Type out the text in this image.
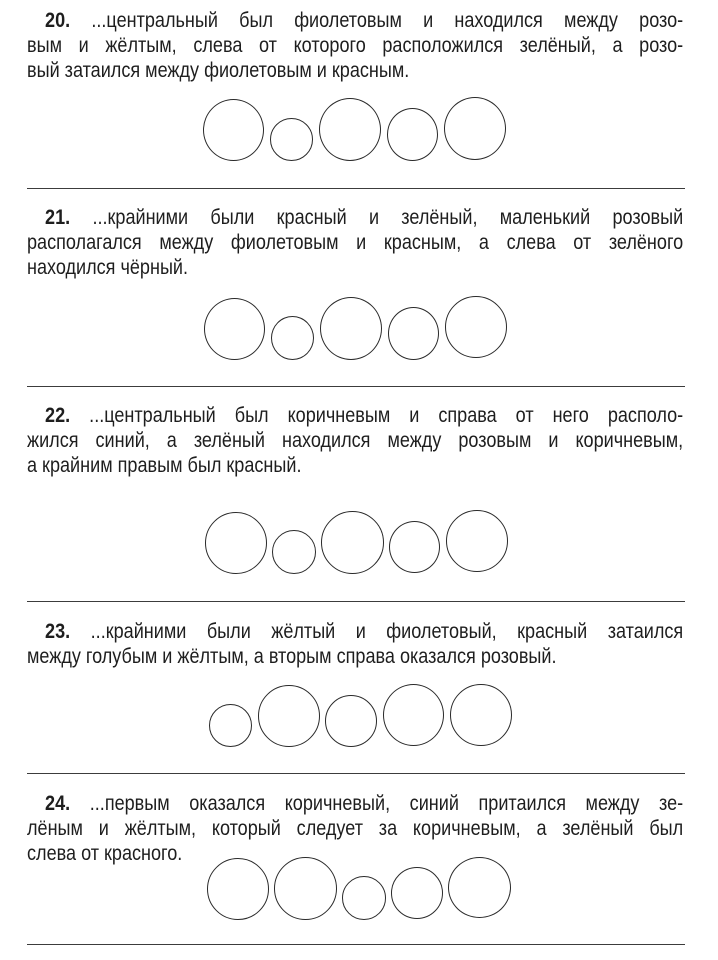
20. ...центральный был фиолетовым и находился между розо-
вым и жёлтым, слева от которого расположился зелёный, а розо-
вый затаился между фиолетовым и красным.
21. ...крайними были красный и зелёный, маленький розовый
располагался между фиолетовым и красным, а слева от зелёного
находился чёрный.
22. ...центральный был коричневым и справа от него располо-
жился синий, а зелёный находился между розовым и коричневым,
а крайним правым был красный.
23. ...крайними были жёлтый и фиолетовый, красный затаился
между голубым и жёлтым, а вторым справа оказался розовый.
24. ...первым оказался коричневый, синий притаился между зе-
лёным и жёлтым, который следует за коричневым, а зелёный был
слева от красного.
